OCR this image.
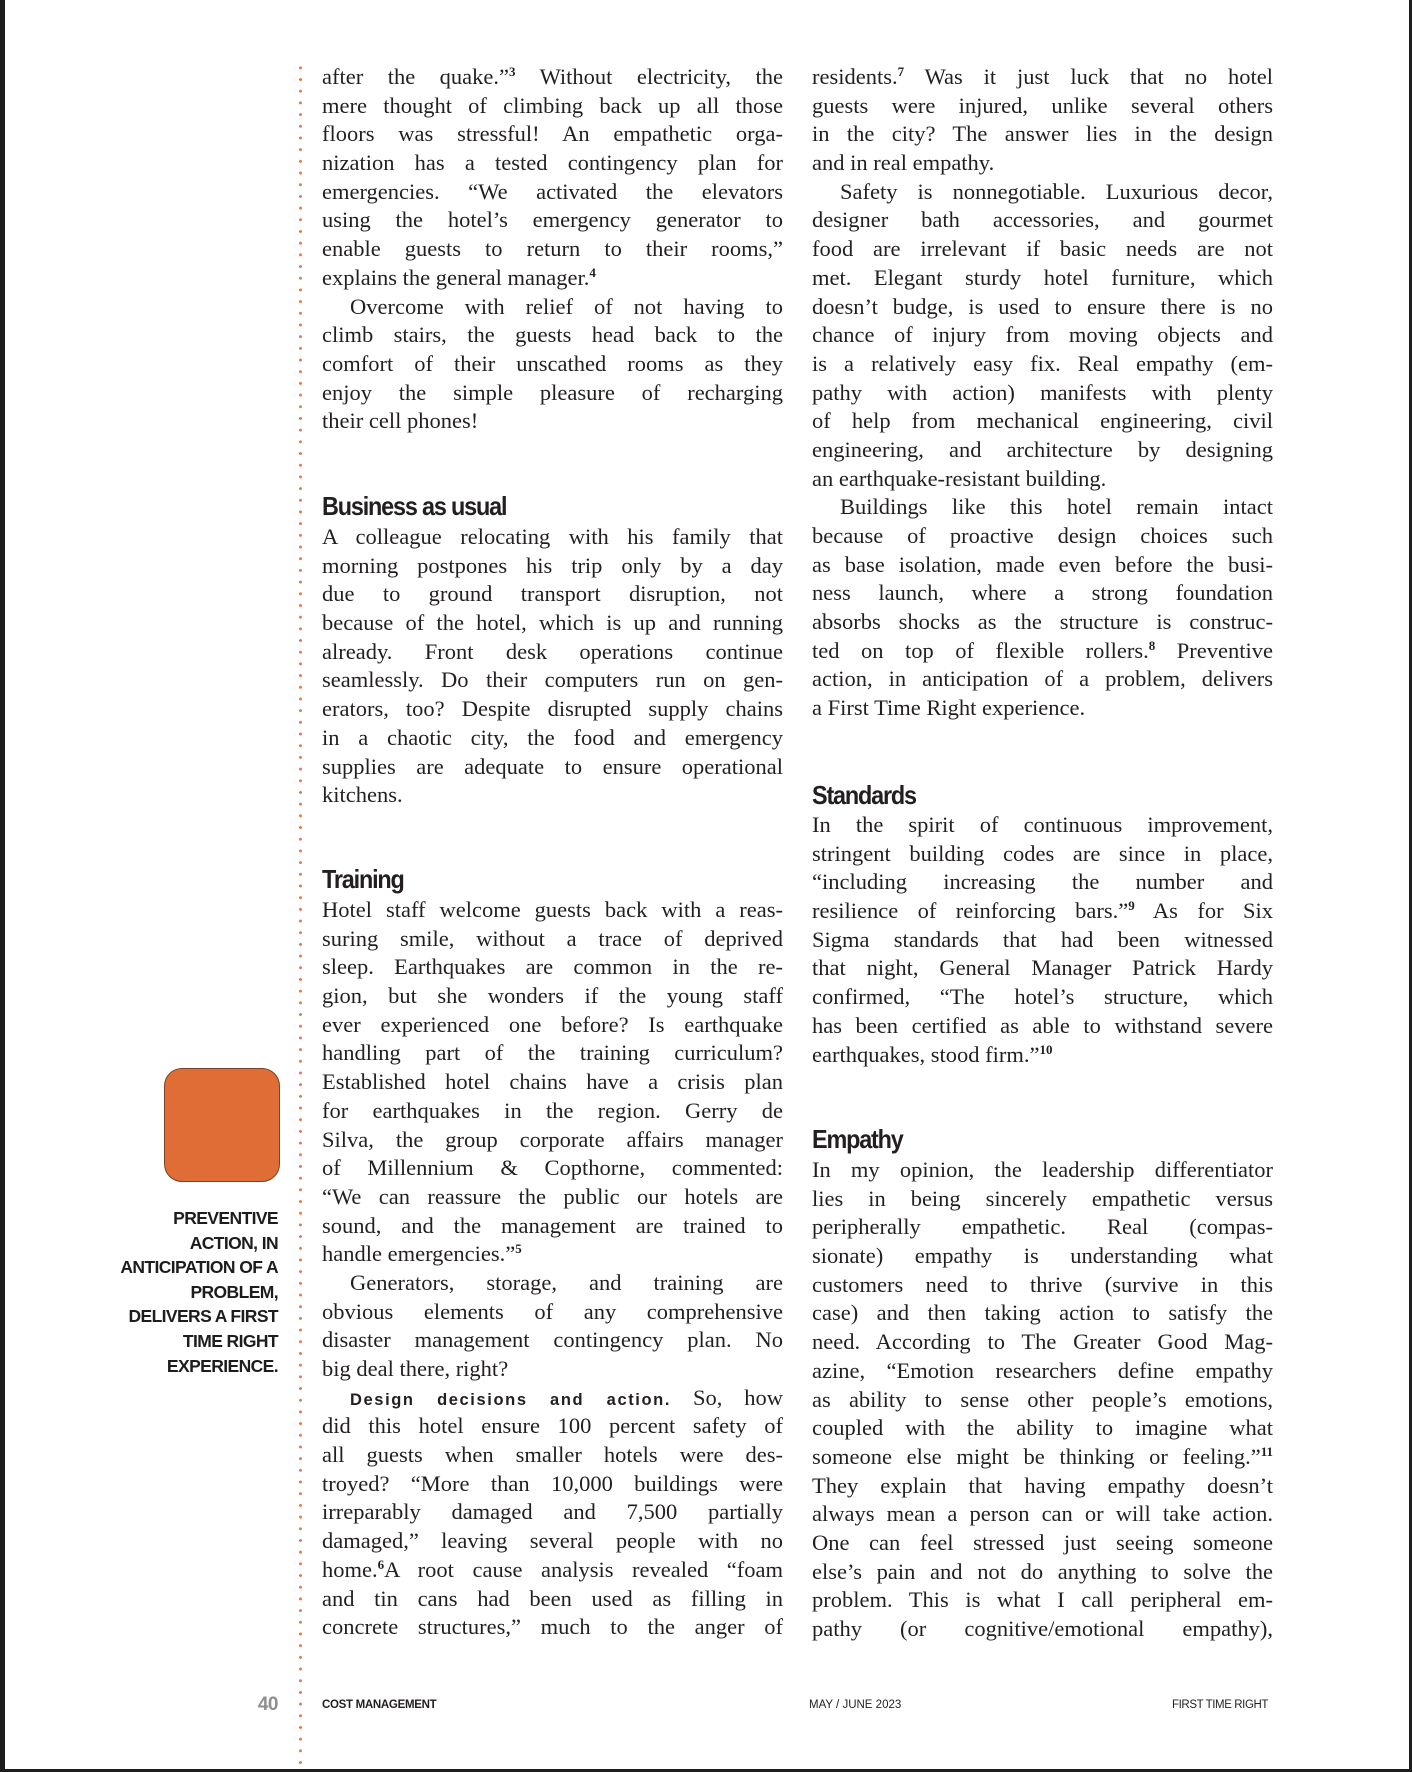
PREVENTIVE
ACTION, IN
ANTICIPATION OF A
PROBLEM,
DELIVERS A FIRST
TIME RIGHT
EXPERIENCE.
after the quake.”$^3$ Without electricity, the
mere thought of climbing back up all those
floors was stressful! An empathetic orga-
nization has a tested contingency plan for
emergencies. “We activated the elevators
using the hotel’s emergency generator to
enable guests to return to their rooms,”
explains the general manager.$^4$
Overcome with relief of not having to
climb stairs, the guests head back to the
comfort of their unscathed rooms as they
enjoy the simple pleasure of recharging
their cell phones!
Business as usual
A colleague relocating with his family that
morning postpones his trip only by a day
due to ground transport disruption, not
because of the hotel, which is up and running
already. Front desk operations continue
seamlessly. Do their computers run on gen-
erators, too? Despite disrupted supply chains
in a chaotic city, the food and emergency
supplies are adequate to ensure operational
kitchens.
Training
Hotel staff welcome guests back with a reas-
suring smile, without a trace of deprived
sleep. Earthquakes are common in the re-
gion, but she wonders if the young staff
ever experienced one before? Is earthquake
handling part of the training curriculum?
Established hotel chains have a crisis plan
for earthquakes in the region. Gerry de
Silva, the group corporate affairs manager
of Millennium & Copthorne, commented:
“We can reassure the public our hotels are
sound, and the management are trained to
handle emergencies.”$^5$
Generators, storage, and training are
obvious elements of any comprehensive
disaster management contingency plan. No
big deal there, right?
Design decisions and action. So, how
did this hotel ensure 100 percent safety of
all guests when smaller hotels were des-
troyed? “More than 10,000 buildings were
irreparably damaged and 7,500 partially
damaged,” leaving several people with no
home.$^6$A root cause analysis revealed “foam
and tin cans had been used as filling in
concrete structures,” much to the anger of
residents.$^7$ Was it just luck that no hotel
guests were injured, unlike several others
in the city? The answer lies in the design
and in real empathy.
Safety is nonnegotiable. Luxurious decor,
designer bath accessories, and gourmet
food are irrelevant if basic needs are not
met. Elegant sturdy hotel furniture, which
doesn’t budge, is used to ensure there is no
chance of injury from moving objects and
is a relatively easy fix. Real empathy (em-
pathy with action) manifests with plenty
of help from mechanical engineering, civil
engineering, and architecture by designing
an earthquake-resistant building.
Buildings like this hotel remain intact
because of proactive design choices such
as base isolation, made even before the busi-
ness launch, where a strong foundation
absorbs shocks as the structure is construc-
ted on top of flexible rollers.$^8$ Preventive
action, in anticipation of a problem, delivers
a First Time Right experience.
Standards
In the spirit of continuous improvement,
stringent building codes are since in place,
“including increasing the number and
resilience of reinforcing bars.”$^9$ As for Six
Sigma standards that had been witnessed
that night, General Manager Patrick Hardy
confirmed, “The hotel’s structure, which
has been certified as able to withstand severe
earthquakes, stood firm.”$^{10}$
Empathy
In my opinion, the leadership differentiator
lies in being sincerely empathetic versus
peripherally empathetic. Real (compas-
sionate) empathy is understanding what
customers need to thrive (survive in this
case) and then taking action to satisfy the
need. According to The Greater Good Mag-
azine, “Emotion researchers define empathy
as ability to sense other people’s emotions,
coupled with the ability to imagine what
someone else might be thinking or feeling.”$^{11}$
They explain that having empathy doesn’t
always mean a person can or will take action.
One can feel stressed just seeing someone
else’s pain and not do anything to solve the
problem. This is what I call peripheral em-
pathy (or cognitive/emotional empathy),
40	COST MANAGEMENT	MAY / JUNE 2023	FIRST TIME RIGHT
